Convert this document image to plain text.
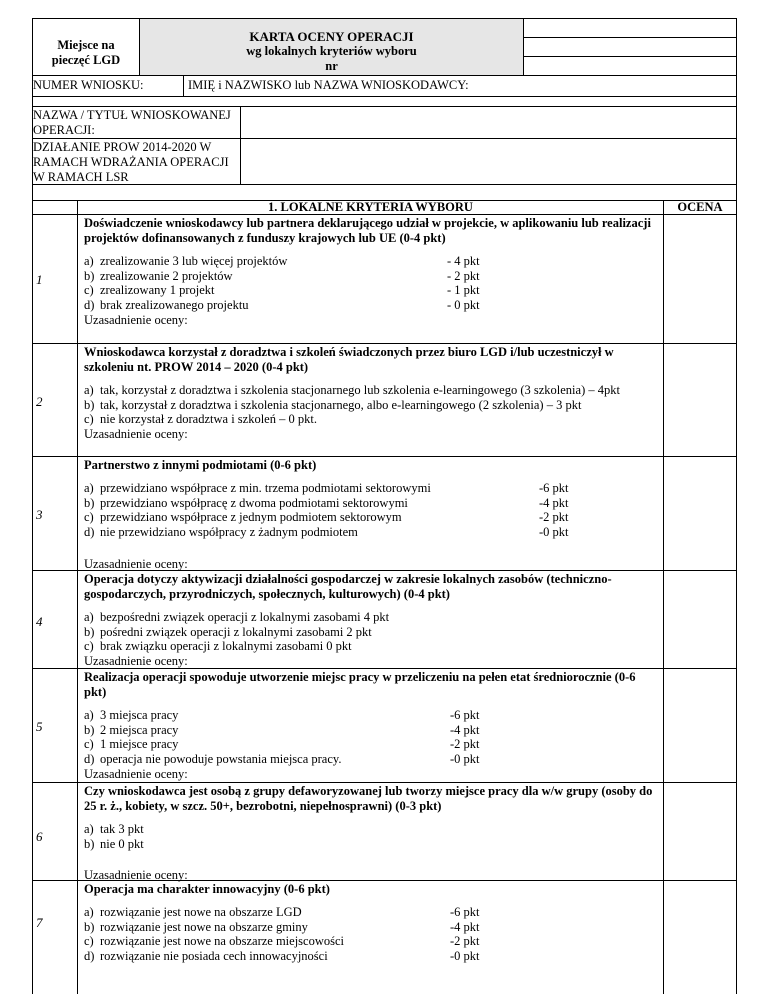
Miejsce na
pieczęć LGD
KARTA OCENY OPERACJI
wg lokalnych kryteriów wyboru
nr
NUMER WNIOSKU:	IMIĘ i NAZWISKO lub NAZWA WNIOSKODAWCY:
NAZWA / TYTUŁ WNIOSKOWANEJ OPERACJI:
DZIAŁANIE PROW 2014-2020 W RAMACH WDRAŻANIA OPERACJI W RAMACH LSR
1. LOKALNE KRYTERIA WYBORU	OCENA
1
Doświadczenie wnioskodawcy lub partnera deklarującego udział w projekcie, w aplikowaniu lub realizacji projektów dofinansowanych z funduszy krajowych lub UE (0-4 pkt)
a) zrealizowanie 3 lub więcej projektów	- 4 pkt
b) zrealizowanie 2 projektów	- 2 pkt
c) zrealizowany 1 projekt	- 1 pkt
d) brak zrealizowanego projektu	- 0 pkt
Uzasadnienie oceny:
2
Wnioskodawca korzystał z doradztwa i szkoleń świadczonych przez biuro LGD i/lub uczestniczył w szkoleniu nt. PROW 2014 – 2020 (0-4 pkt)
a) tak, korzystał z doradztwa i szkolenia stacjonarnego lub szkolenia e-learningowego (3 szkolenia) – 4pkt
b) tak, korzystał z doradztwa i szkolenia stacjonarnego, albo e-learningowego (2 szkolenia) – 3 pkt
c) nie korzystał z doradztwa i szkoleń – 0 pkt.
Uzasadnienie oceny:
3
Partnerstwo z innymi podmiotami (0-6 pkt)
a) przewidziano współprace z min. trzema podmiotami sektorowymi	-6 pkt
b) przewidziano współpracę z dwoma podmiotami sektorowymi	-4 pkt
c) przewidziano współprace z jednym podmiotem sektorowym	-2 pkt
d) nie przewidziano współpracy z żadnym podmiotem	-0 pkt
Uzasadnienie oceny:
4
Operacja dotyczy aktywizacji działalności gospodarczej w zakresie lokalnych zasobów (techniczno-gospodarczych, przyrodniczych, społecznych, kulturowych) (0-4 pkt)
a) bezpośredni związek operacji z lokalnymi zasobami 4 pkt
b) pośredni związek operacji z lokalnymi zasobami 2 pkt
c) brak związku operacji z lokalnymi zasobami 0 pkt
Uzasadnienie oceny:
5
Realizacja operacji spowoduje utworzenie miejsc pracy w przeliczeniu na pełen etat średniorocznie (0-6 pkt)
a) 3 miejsca pracy	-6 pkt
b) 2 miejsca pracy	-4 pkt
c) 1 miejsce pracy	-2 pkt
d) operacja nie powoduje powstania miejsca pracy.	-0 pkt
Uzasadnienie oceny:
6
Czy wnioskodawca jest osobą z grupy defaworyzowanej lub tworzy miejsce pracy dla w/w grupy (osoby do 25 r. ż., kobiety, w szcz. 50+, bezrobotni, niepełnosprawni) (0-3 pkt)
a) tak 3 pkt
b) nie 0 pkt
Uzasadnienie oceny:
7
Operacja ma charakter innowacyjny (0-6 pkt)
a) rozwiązanie jest nowe na obszarze LGD	-6 pkt
b) rozwiązanie jest nowe na obszarze gminy	-4 pkt
c) rozwiązanie jest nowe na obszarze miejscowości	-2 pkt
d) rozwiązanie nie posiada cech innowacyjności	-0 pkt
